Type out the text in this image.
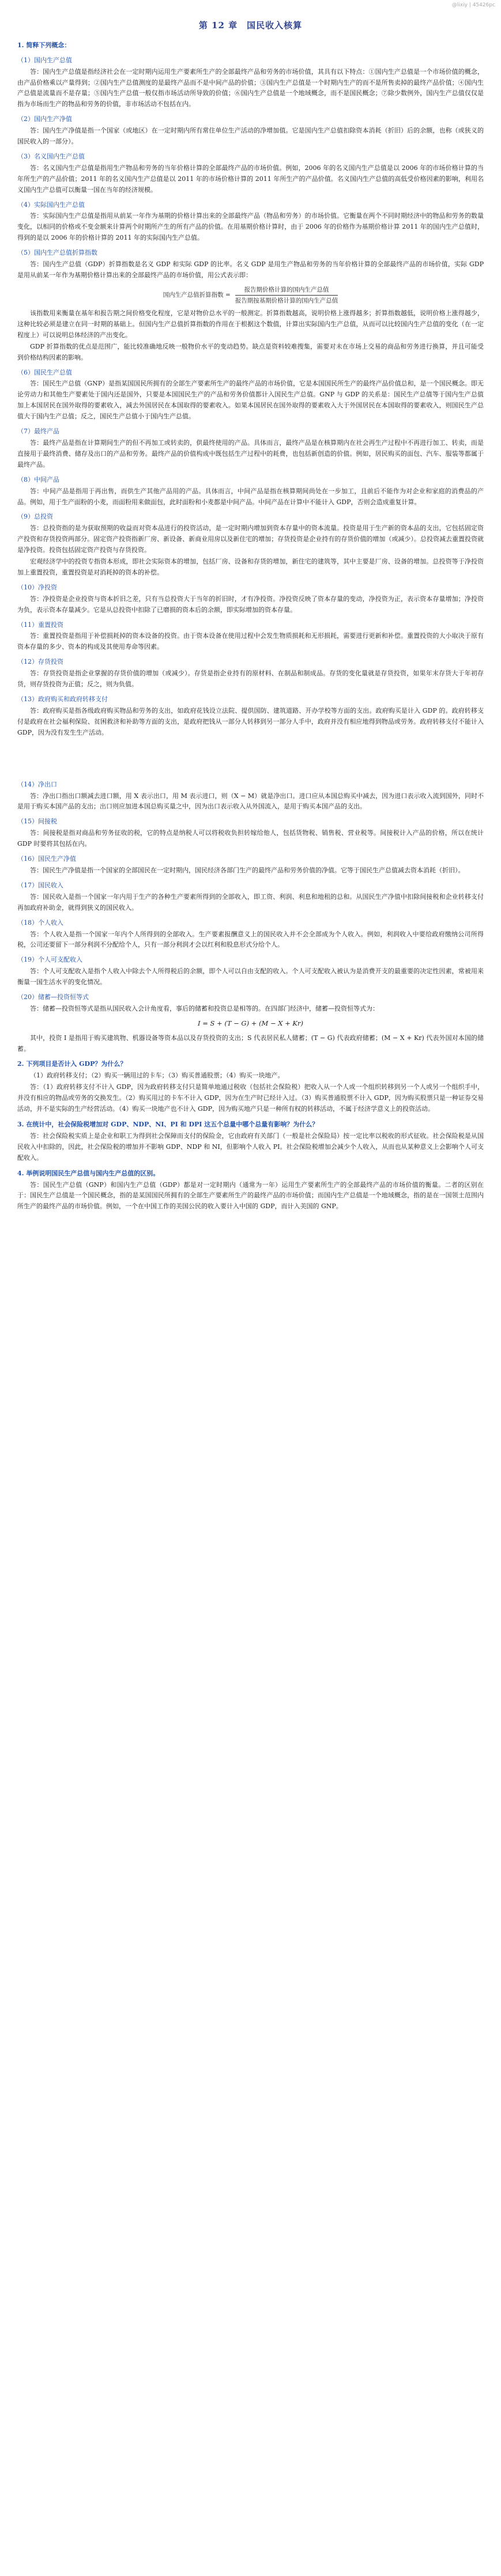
@lixiy | 45426pc
第 12 章　国民收入核算
1. 简释下列概念：
（1）国内生产总值

答：国内生产总值是指经济社会在一定时期内运用生产要素所生产的全部最终产品和劳务的市场价值，其具有以下特点：①国内生产总值是一个市场价值的概念，由产品价格乘以产量得到；②国内生产总值测度的是最终产品而不是中间产品的价值；③国内生产总值是一个时期内生产的而不是所售卖掉的最终产品价值；④国内生产总值是流量而不是存量；⑤国内生产总值一般仅指市场活动所导致的价值；⑥国内生产总值是一个地域概念，而不是国民概念；⑦除少数例外，国内生产总值仅仅是指为市场而生产的物品和劳务的价值，非市场活动不包括在内。

（2）国内生产净值

答：国内生产净值是指一个国家（或地区）在一定时期内所有常住单位生产活动的净增加值。它是国内生产总值扣除资本消耗（折旧）后的余额，也称（或狭义的国民收入的一部分）。

（3）名义国内生产总值

答：名义国内生产总值是指用生产物品和劳务的当年价格计算的全部最终产品的市场价值。例如，2006 年的名义国内生产总值是以 2006 年的市场价格计算的当年所生产的产品价值；2011 年的名义国内生产总值是以 2011 年的市场价格计算的 2011 年所生产的产品价值。名义国内生产总值的高低受价格因素的影响，利用名义国内生产总值可以衡量一国在当年的经济规模。

（4）实际国内生产总值

答：实际国内生产总值是指用从前某一年作为基期的价格计算出来的全部最终产品（物品和劳务）的市场价值。它衡量在两个不同时期经济中的物品和劳务的数量变化，以相同的价格或不变金额来计算两个时期所产生的所有产品的价值。在用基期价格计算时，由于 2006 年的价格作为基期价格计算 2011 年的国内生产总值时，得到的是以 2006 年的价格计算的 2011 年的实际国内生产总值。

（5）国内生产总值折算指数

答：国内生产总值（GDP）折算指数是名义 GDP 和实际 GDP 的比率。名义 GDP 是用生产物品和劳务的当年价格计算的全部最终产品的市场价值，实际 GDP 是用从前某一年作为基期价格计算出来的全部最终产品的市场价值，用公式表示即：

国内生产总值折算指数 = $\frac{\text{报告期价格计算的国内生产总值}}{\text{报告期按基期价格计算的国内生产总值}}$

该指数用来衡量在基年和报告期之间价格变化程度，它是对物价总水平的一般测定。折算指数越高，说明价格上涨得越多；折算指数越低，说明价格上涨得越少，这种比较必须是建立在同一时期的基础上。但国内生产总值折算指数的作用在于根据这个数值，计算出实际国内生产总值，从而可以比较国内生产总值的变化（在一定程度上）可以说明总体经济的产出变化。

GDP 折算指数的优点是范围广，能比较准确地反映一般物价水平的变动趋势。缺点是资料较难搜集，需要对未在市场上交易的商品和劳务进行换算，并且可能受到价格结构因素的影响。

（6）国民生产总值

答：国民生产总值（GNP）是指某国国民所拥有的全部生产要素所生产的最终产品的市场价值，它是本国国民所生产的最终产品价值总和，是一个国民概念。即无论劳动力和其他生产要素处于国内还是国外，只要是本国国民生产的产品和劳务价值都计入国民生产总值。GNP 与 GDP 的关系是：国民生产总值等于国内生产总值加上本国居民在国外取得的要素收入，减去外国居民在本国取得的要素收入。如果本国居民在国外取得的要素收入大于外国居民在本国取得的要素收入，则国民生产总值大于国内生产总值；反之，国民生产总值小于国内生产总值。

（7）最终产品

答：最终产品是指在计算期间生产的但不再加工或转卖的，供最终使用的产品。具体而言，最终产品是在核算期内在社会再生产过程中不再进行加工、转卖，而是直接用于最终消费、储存及出口的产品和劳务。最终产品的价值构成中既包括生产过程中的耗费，也包括新创造的价值。例如，居民购买的面包、汽车、服装等都属于最终产品。

（8）中间产品

答：中间产品是指用于再出售，而供生产其他产品用的产品。具体而言，中间产品是指在核算期间尚处在一步加工，且前后不能作为对企业和家庭的消费品的产品。例如，用于生产面粉的小麦，而面粉用来做面包，此时面粉和小麦都是中间产品。中间产品在计算中不能计入 GDP，否则会造成重复计算。

（9）总投资

答：总投资指的是为获取预期的收益而对资本品进行的投资活动，是一定时期内增加到资本存量中的资本流量。投资是用于生产新的资本品的支出，它包括固定资产投资和存货投资两部分。固定资产投资指新厂房、新设备、新商业用房以及新住宅的增加；存货投资是企业持有的存货价值的增加（或减少）。总投资减去重置投资就是净投资。投资包括固定资产投资与存货投资。

宏观经济学中的投资专指资本形成，即社会实际资本的增加，包括厂房、设备和存货的增加，新住宅的建筑等，其中主要是厂房、设备的增加。总投资等于净投资加上重置投资，重置投资是对消耗掉的资本的补偿。

（10）净投资

答：净投资是企业投资与资本折旧之差，只有当总投资大于当年的折旧时，才有净投资。净投资反映了资本存量的变动，净投资为正，表示资本存量增加；净投资为负，表示资本存量减少。它是从总投资中扣除了已磨损的资本后的余额，即实际增加的资本存量。

（11）重置投资

答：重置投资是指用于补偿损耗掉的资本设备的投资。由于资本设备在使用过程中会发生物质损耗和无形损耗，需要进行更新和补偿。重置投资的大小取决于原有资本存量的多少、资本的构成及其使用寿命等因素。

（12）存货投资

答：存货投资是指企业掌握的存货价值的增加（或减少）。存货是指企业持有的原材料、在制品和制成品。存货的变化量就是存货投资，如果年末存货大于年初存货，则存货投资为正值；反之，则为负值。

（13）政府购买和政府转移支付

答：政府购买是指各级政府购买物品和劳务的支出，如政府花钱设立法院、提供国防、建筑道路、开办学校等方面的支出。政府购买是计入 GDP 的。政府转移支付是政府在社会福利保险、贫困救济和补助等方面的支出，是政府把钱从一部分人转移到另一部分人手中，政府并没有相应地得到物品或劳务。政府转移支付不能计入 GDP，因为没有发生生产活动。

（14）净出口

答：净出口指出口额减去进口额，用 X 表示出口，用 M 表示进口，则（X − M）就是净出口。进口应从本国总购买中减去，因为进口表示收入流到国外，同时不是用于购买本国产品的支出；出口则应加进本国总购买量之中，因为出口表示收入从外国流入，是用于购买本国产品的支出。

（15）间接税

答：间接税是指对商品和劳务征收的税，它的特点是纳税人可以将税收负担转嫁给他人，包括货物税、销售税、营业税等。间接税计入产品的价格，所以在统计 GDP 时要将其包括在内。

（16）国民生产净值

答：国民生产净值是指一个国家的全部国民在一定时期内，国民经济各部门生产的最终产品和劳务价值的净值。它等于国民生产总值减去资本消耗（折旧）。

（17）国民收入

答：国民收入是指一个国家一年内用于生产的各种生产要素所得到的全部收入，即工资、利润、利息和地租的总和。从国民生产净值中扣除间接税和企业转移支付再加政府补助金，就得到狭义的国民收入。

（18）个人收入

答：个人收入是指一个国家一年内个人所得到的全部收入。生产要素报酬意义上的国民收入并不会全部成为个人收入。例如，利润收入中要给政府缴纳公司所得税，公司还要留下一部分利润不分配给个人，只有一部分利润才会以红利和股息形式分给个人。

（19）个人可支配收入

答：个人可支配收入是指个人收入中除去个人所得税后的余额，即个人可以自由支配的收入。个人可支配收入被认为是消费开支的最重要的决定性因素，常被用来衡量一国生活水平的变化情况。

（20）储蓄—投资恒等式

答：储蓄—投资恒等式是指从国民收入会计角度看，事后的储蓄和投资总是相等的。在四部门经济中，储蓄—投资恒等式为：

I = S + (T − G) + (M − X + Kr)

其中，投资 I 是指用于购买建筑物、机器设备等资本品以及存货投资的支出；S 代表居民私人储蓄；(T − G) 代表政府储蓄；(M − X + Kr) 代表外国对本国的储蓄。

2. 下列项目是否计入 GDP？为什么？

（1）政府转移支付；（2）购买一辆用过的卡车；（3）购买普通股票；（4）购买一块地产。

答：（1）政府转移支付不计入 GDP，因为政府转移支付只是简单地通过税收（包括社会保险税）把收入从一个人或一个组织转移到另一个人或另一个组织手中，并没有相应的物品或劳务的交换发生。（2）购买用过的卡车不计入 GDP，因为在生产时已经计入过。（3）购买普通股票不计入 GDP，因为购买股票只是一种证券交易活动，并不是实际的生产经营活动。（4）购买一块地产也不计入 GDP，因为购买地产只是一种所有权的转移活动，不属于经济学意义上的投资活动。

3. 在统计中，社会保险税增加对 GDP、NDP、NI、PI 和 DPI 这五个总量中哪个总量有影响？为什么？

答：社会保险税实质上是企业和职工为得到社会保障而支付的保险金，它由政府有关部门（一般是社会保险局）按一定比率以税收的形式征收。社会保险税是从国民收入中扣除的，因此，社会保险税的增加并不影响 GDP、NDP 和 NI，但影响个人收入 PI。社会保险税增加会减少个人收入，从而也从某种意义上会影响个人可支配收入。

4. 举例说明国民生产总值与国内生产总值的区别。

答：国民生产总值（GNP）和国内生产总值（GDP）都是对一定时期内（通常为一年）运用生产要素所生产的全部最终产品的市场价值的衡量。二者的区别在于：国民生产总值是一个国民概念，指的是某国国民所拥有的全部生产要素所生产的最终产品的市场价值；而国内生产总值是一个地域概念，指的是在一国领土范围内所生产的最终产品的市场价值。例如，一个在中国工作的美国公民的收入要计入中国的 GDP，而计入美国的 GNP。
